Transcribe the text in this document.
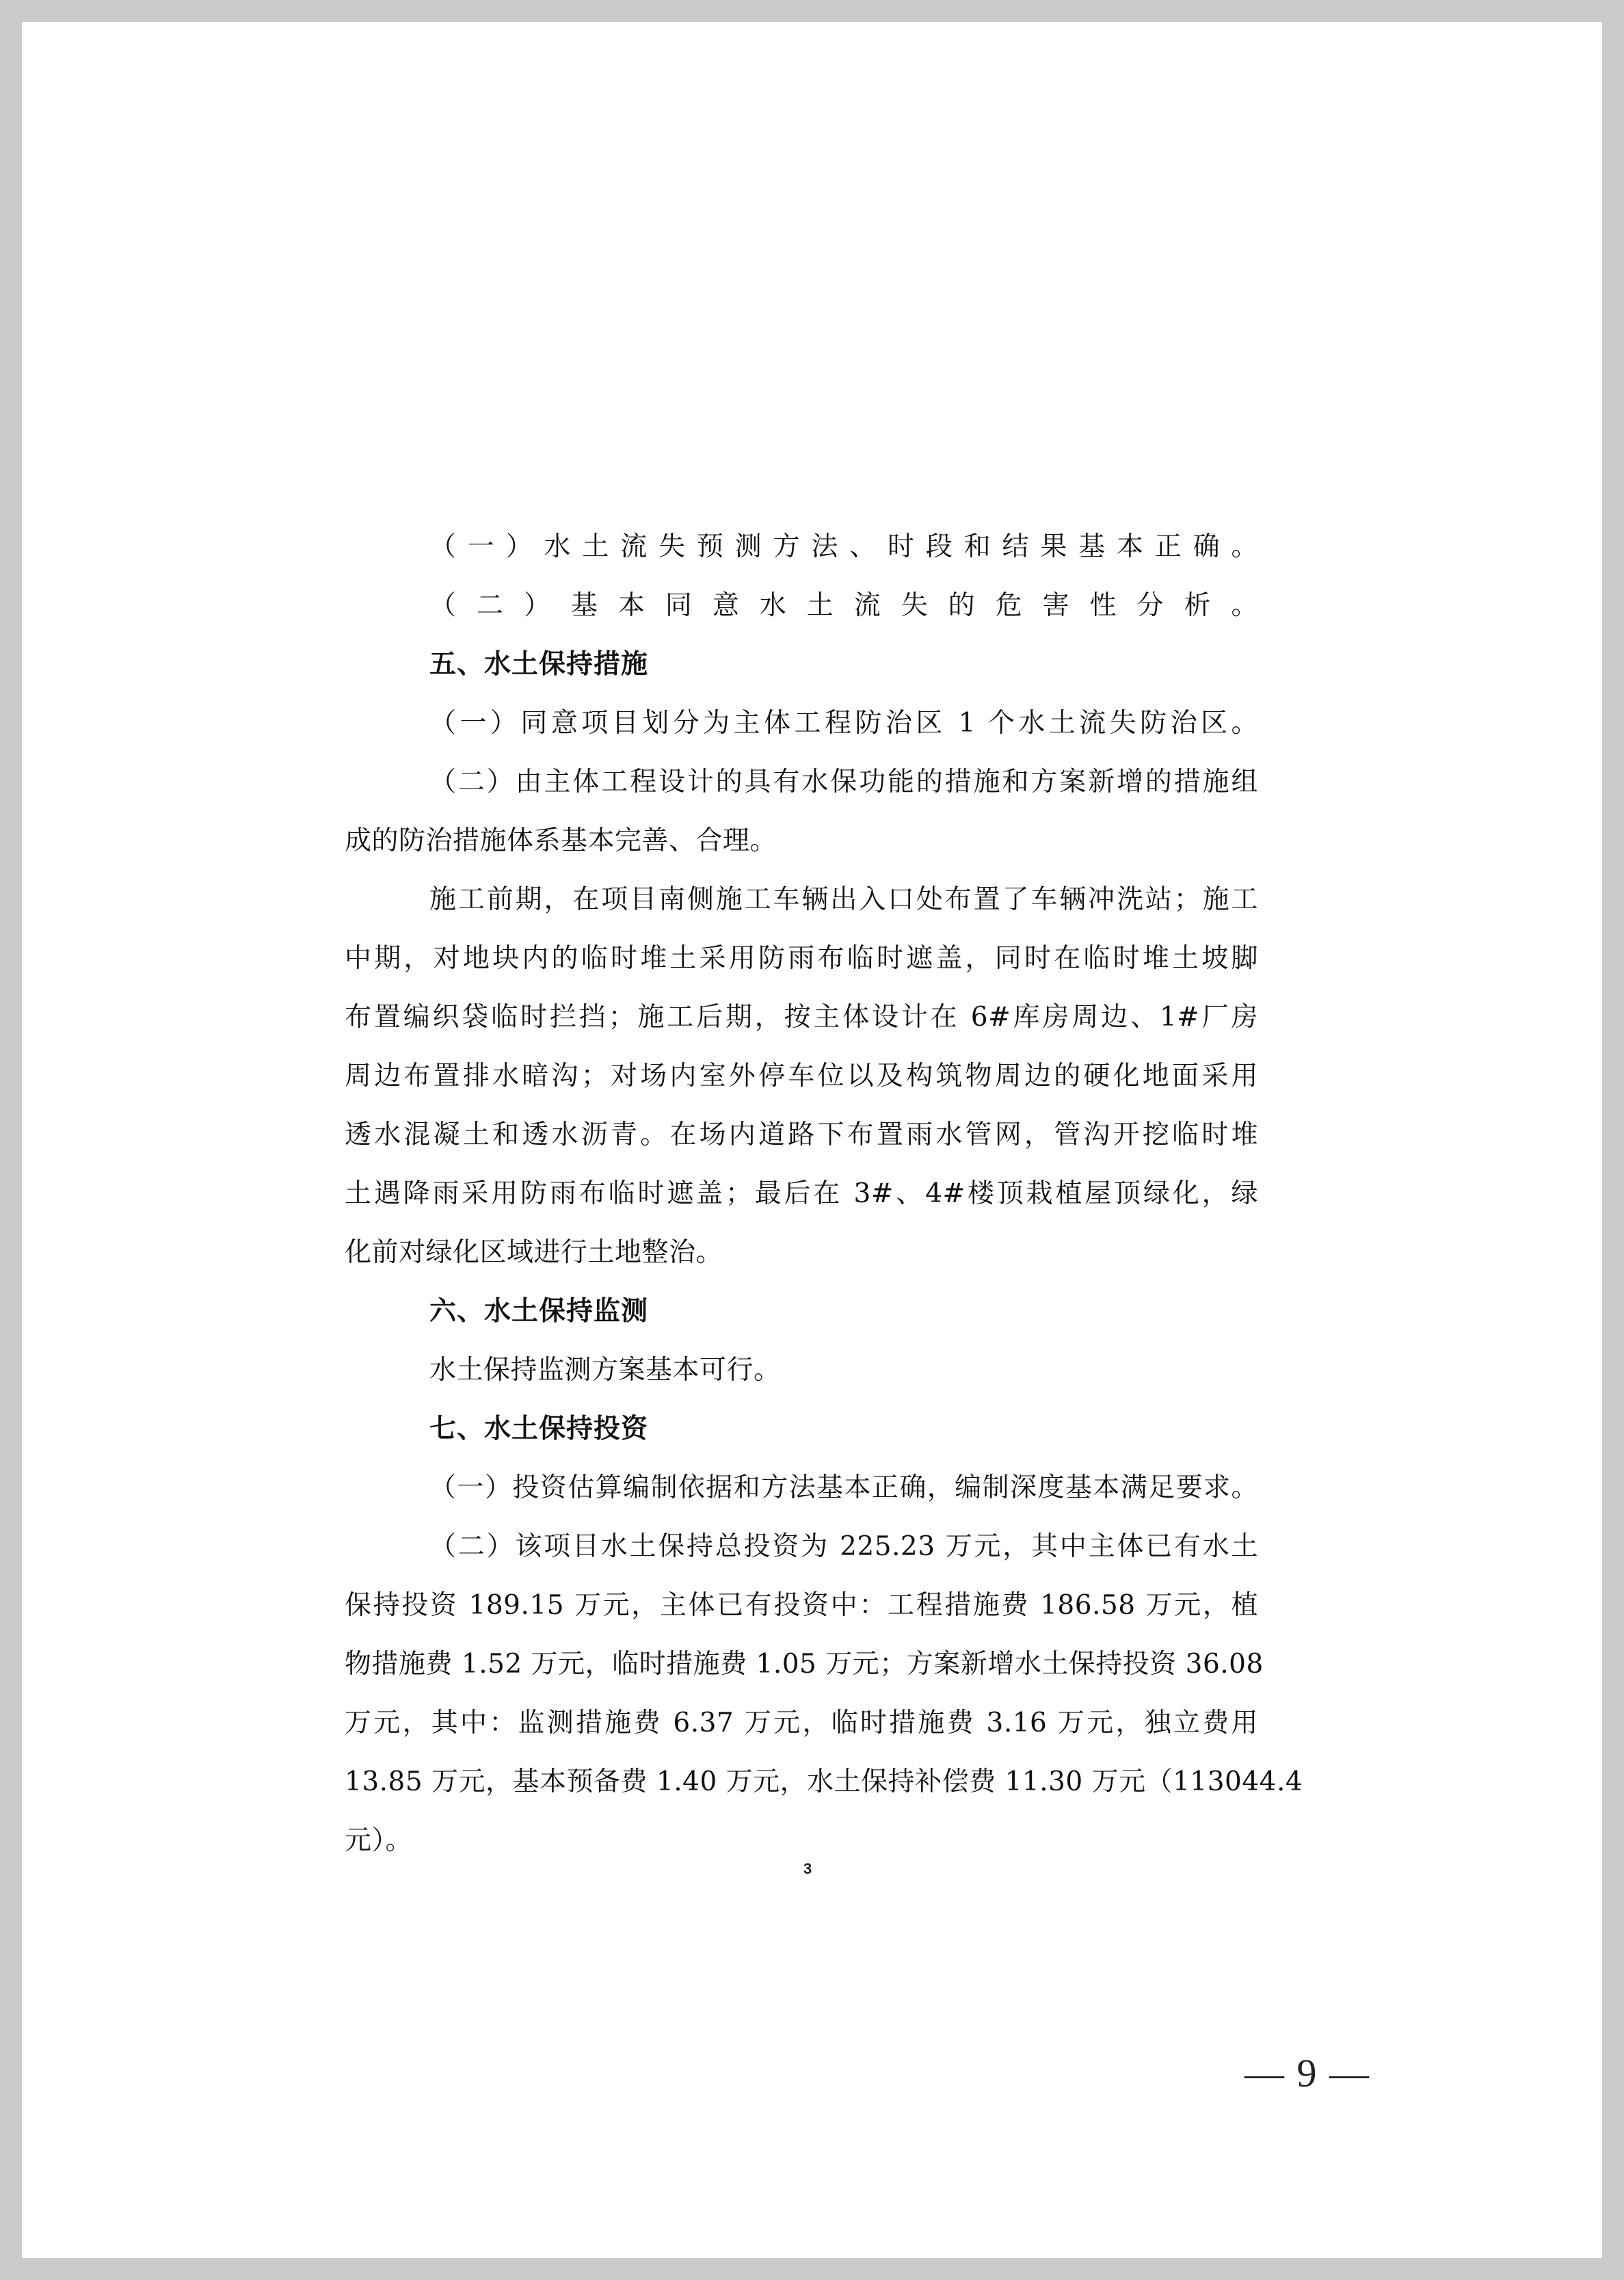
（一）水土流失预测方法、时段和结果基本正确。
（二）基本同意水土流失的危害性分析。
五、水土保持措施
（一）同意项目划分为主体工程防治区 1 个水土流失防治区。
（二）由主体工程设计的具有水保功能的措施和方案新增的措施组
成的防治措施体系基本完善、合理。
施工前期，在项目南侧施工车辆出入口处布置了车辆冲洗站；施工
中期，对地块内的临时堆土采用防雨布临时遮盖，同时在临时堆土坡脚
布置编织袋临时拦挡；施工后期，按主体设计在 6#库房周边、1#厂房
周边布置排水暗沟；对场内室外停车位以及构筑物周边的硬化地面采用
透水混凝土和透水沥青。在场内道路下布置雨水管网，管沟开挖临时堆
土遇降雨采用防雨布临时遮盖；最后在 3#、4#楼顶栽植屋顶绿化，绿
化前对绿化区域进行土地整治。
六、水土保持监测
水土保持监测方案基本可行。
七、水土保持投资
（一）投资估算编制依据和方法基本正确，编制深度基本满足要求。
（二）该项目水土保持总投资为 225.23 万元，其中主体已有水土
保持投资 189.15 万元，主体已有投资中：工程措施费 186.58 万元，植
物措施费 1.52 万元，临时措施费 1.05 万元；方案新增水土保持投资 36.08
万元，其中：监测措施费 6.37 万元，临时措施费 3.16 万元，独立费用
13.85 万元，基本预备费 1.40 万元，水土保持补偿费 11.30 万元（113044.4
元）。
3
— 9 —
